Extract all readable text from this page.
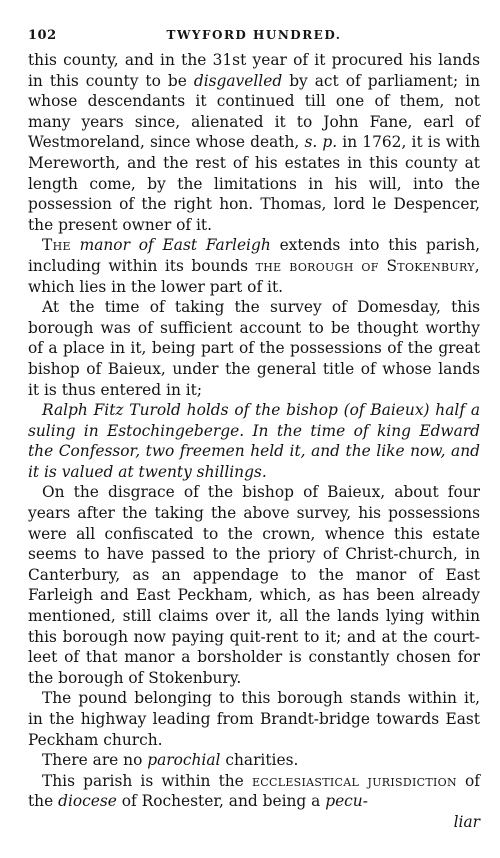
102	TWYFORD HUNDRED.

this county, and in the 31st year of it procured his lands in this county to be disgavelled by act of parliament; in whose descendants it continued till one of them, not many years since, alienated it to John Fane, earl of Westmoreland, since whose death, s. p. in 1762, it is with Mereworth, and the rest of his estates in this county at length come, by the limitations in his will, into the possession of the right hon. Thomas, lord le Despencer, the present owner of it.

The manor of East Farleigh extends into this parish, including within its bounds the borough of Stokenbury, which lies in the lower part of it.

At the time of taking the survey of Domesday, this borough was of sufficient account to be thought worthy of a place in it, being part of the possessions of the great bishop of Baieux, under the general title of whose lands it is thus entered in it;

Ralph Fitz Turold holds of the bishop (of Baieux) half a suling in Estochingeberge. In the time of king Edward the Confessor, two freemen held it, and the like now, and it is valued at twenty shillings.

On the disgrace of the bishop of Baieux, about four years after the taking the above survey, his possessions were all confiscated to the crown, whence this estate seems to have passed to the priory of Christ-church, in Canterbury, as an appendage to the manor of East Farleigh and East Peckham, which, as has been already mentioned, still claims over it, all the lands lying within this borough now paying quit-rent to it; and at the court-leet of that manor a borsholder is constantly chosen for the borough of Stokenbury.

The pound belonging to this borough stands within it, in the highway leading from Brandt-bridge towards East Peckham church.

There are no parochial charities.

This parish is within the ecclesiastical jurisdiction of the diocese of Rochester, and being a pecu-

liar
